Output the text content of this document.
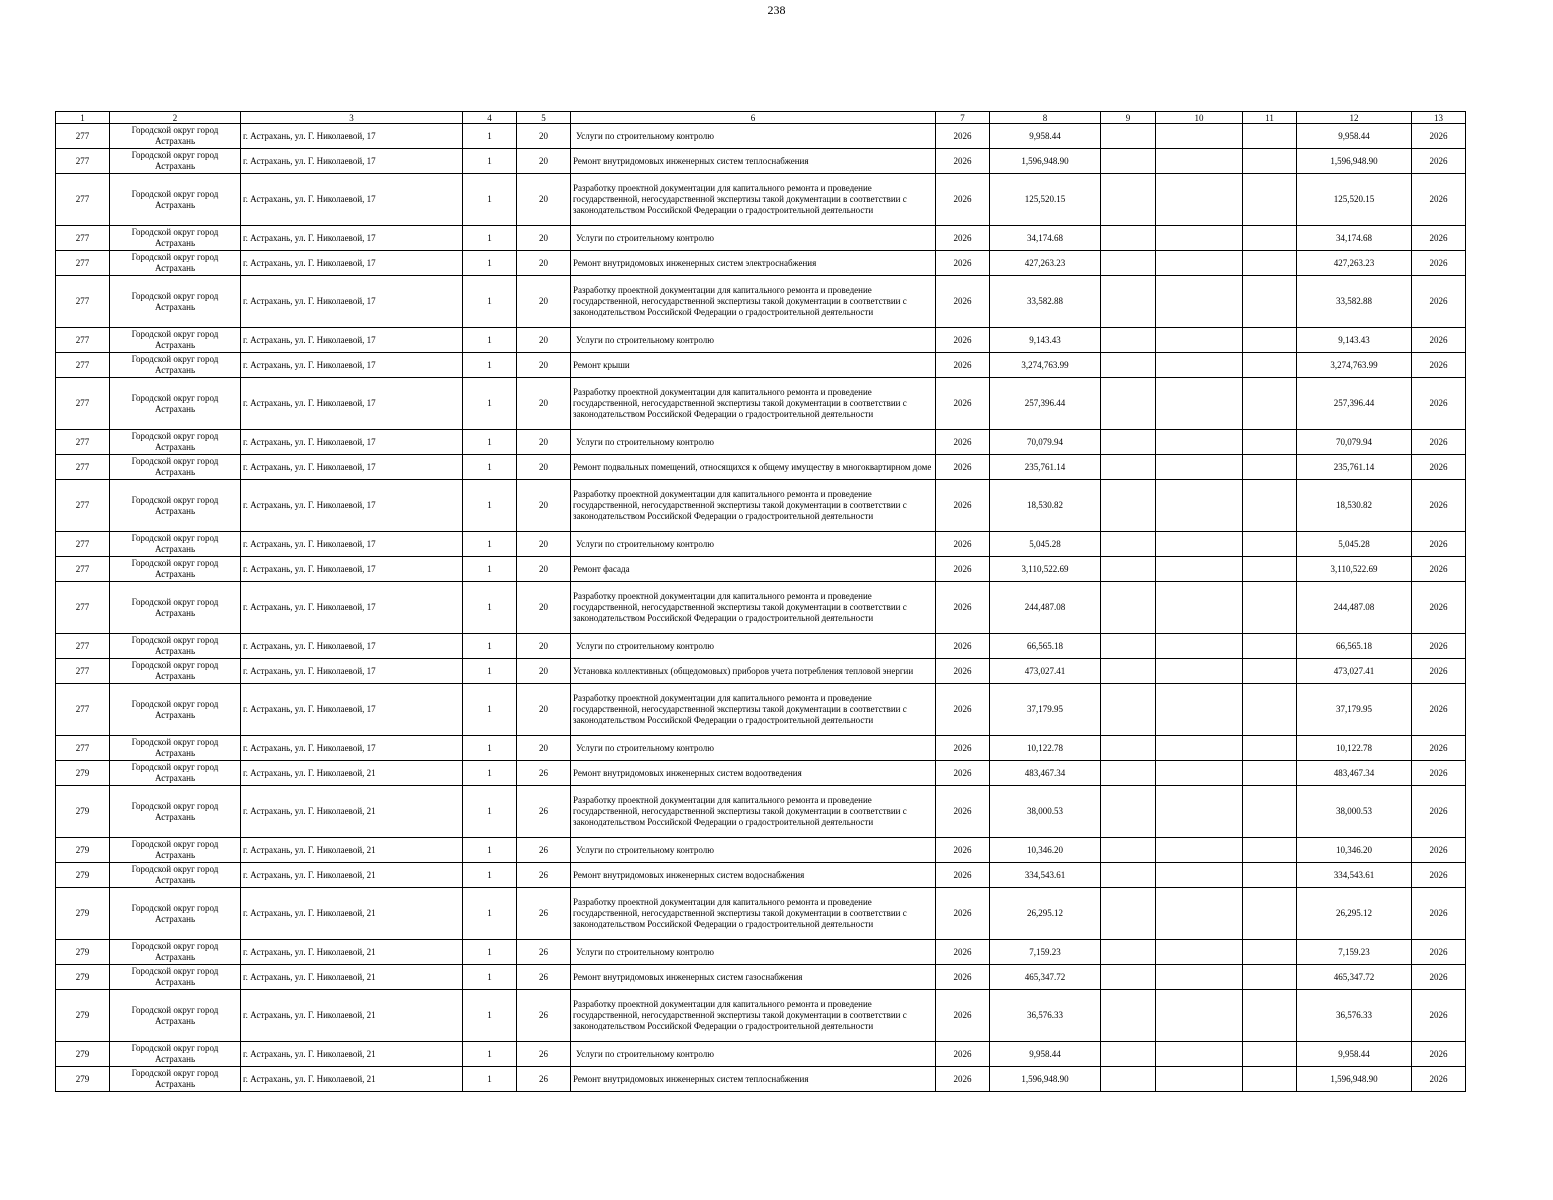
238
1	2	3	4	5	6	7	8	9	10	11	12	13
277	Городской округ город Астрахань	г. Астрахань, ул. Г. Николаевой, 17	1	20	Услуги по строительному контролю	2026	9,958.44				9,958.44	2026
277	Городской округ город Астрахань	г. Астрахань, ул. Г. Николаевой, 17	1	20	Ремонт внутридомовых инженерных систем теплоснабжения	2026	1,596,948.90				1,596,948.90	2026
277	Городской округ город Астрахань	г. Астрахань, ул. Г. Николаевой, 17	1	20	Разработку проектной документации для капитального ремонта и проведение государственной, негосударственной экспертизы такой документации в соответствии с законодательством Российской Федерации о градостроительной деятельности	2026	125,520.15				125,520.15	2026
277	Городской округ город Астрахань	г. Астрахань, ул. Г. Николаевой, 17	1	20	Услуги по строительному контролю	2026	34,174.68				34,174.68	2026
277	Городской округ город Астрахань	г. Астрахань, ул. Г. Николаевой, 17	1	20	Ремонт внутридомовых инженерных систем электроснабжения	2026	427,263.23				427,263.23	2026
277	Городской округ город Астрахань	г. Астрахань, ул. Г. Николаевой, 17	1	20	Разработку проектной документации для капитального ремонта и проведение государственной, негосударственной экспертизы такой документации в соответствии с законодательством Российской Федерации о градостроительной деятельности	2026	33,582.88				33,582.88	2026
277	Городской округ город Астрахань	г. Астрахань, ул. Г. Николаевой, 17	1	20	Услуги по строительному контролю	2026	9,143.43				9,143.43	2026
277	Городской округ город Астрахань	г. Астрахань, ул. Г. Николаевой, 17	1	20	Ремонт крыши	2026	3,274,763.99				3,274,763.99	2026
277	Городской округ город Астрахань	г. Астрахань, ул. Г. Николаевой, 17	1	20	Разработку проектной документации для капитального ремонта и проведение государственной, негосударственной экспертизы такой документации в соответствии с законодательством Российской Федерации о градостроительной деятельности	2026	257,396.44				257,396.44	2026
277	Городской округ город Астрахань	г. Астрахань, ул. Г. Николаевой, 17	1	20	Услуги по строительному контролю	2026	70,079.94				70,079.94	2026
277	Городской округ город Астрахань	г. Астрахань, ул. Г. Николаевой, 17	1	20	Ремонт подвальных помещений, относящихся к общему имуществу в многоквартирном доме	2026	235,761.14				235,761.14	2026
277	Городской округ город Астрахань	г. Астрахань, ул. Г. Николаевой, 17	1	20	Разработку проектной документации для капитального ремонта и проведение государственной, негосударственной экспертизы такой документации в соответствии с законодательством Российской Федерации о градостроительной деятельности	2026	18,530.82				18,530.82	2026
277	Городской округ город Астрахань	г. Астрахань, ул. Г. Николаевой, 17	1	20	Услуги по строительному контролю	2026	5,045.28				5,045.28	2026
277	Городской округ город Астрахань	г. Астрахань, ул. Г. Николаевой, 17	1	20	Ремонт фасада	2026	3,110,522.69				3,110,522.69	2026
277	Городской округ город Астрахань	г. Астрахань, ул. Г. Николаевой, 17	1	20	Разработку проектной документации для капитального ремонта и проведение государственной, негосударственной экспертизы такой документации в соответствии с законодательством Российской Федерации о градостроительной деятельности	2026	244,487.08				244,487.08	2026
277	Городской округ город Астрахань	г. Астрахань, ул. Г. Николаевой, 17	1	20	Услуги по строительному контролю	2026	66,565.18				66,565.18	2026
277	Городской округ город Астрахань	г. Астрахань, ул. Г. Николаевой, 17	1	20	Установка коллективных (общедомовых) приборов учета потребления тепловой энергии	2026	473,027.41				473,027.41	2026
277	Городской округ город Астрахань	г. Астрахань, ул. Г. Николаевой, 17	1	20	Разработку проектной документации для капитального ремонта и проведение государственной, негосударственной экспертизы такой документации в соответствии с законодательством Российской Федерации о градостроительной деятельности	2026	37,179.95				37,179.95	2026
277	Городской округ город Астрахань	г. Астрахань, ул. Г. Николаевой, 17	1	20	Услуги по строительному контролю	2026	10,122.78				10,122.78	2026
279	Городской округ город Астрахань	г. Астрахань, ул. Г. Николаевой, 21	1	26	Ремонт внутридомовых инженерных систем водоотведения	2026	483,467.34				483,467.34	2026
279	Городской округ город Астрахань	г. Астрахань, ул. Г. Николаевой, 21	1	26	Разработку проектной документации для капитального ремонта и проведение государственной, негосударственной экспертизы такой документации в соответствии с законодательством Российской Федерации о градостроительной деятельности	2026	38,000.53				38,000.53	2026
279	Городской округ город Астрахань	г. Астрахань, ул. Г. Николаевой, 21	1	26	Услуги по строительному контролю	2026	10,346.20				10,346.20	2026
279	Городской округ город Астрахань	г. Астрахань, ул. Г. Николаевой, 21	1	26	Ремонт внутридомовых инженерных систем водоснабжения	2026	334,543.61				334,543.61	2026
279	Городской округ город Астрахань	г. Астрахань, ул. Г. Николаевой, 21	1	26	Разработку проектной документации для капитального ремонта и проведение государственной, негосударственной экспертизы такой документации в соответствии с законодательством Российской Федерации о градостроительной деятельности	2026	26,295.12				26,295.12	2026
279	Городской округ город Астрахань	г. Астрахань, ул. Г. Николаевой, 21	1	26	Услуги по строительному контролю	2026	7,159.23				7,159.23	2026
279	Городской округ город Астрахань	г. Астрахань, ул. Г. Николаевой, 21	1	26	Ремонт внутридомовых инженерных систем газоснабжения	2026	465,347.72				465,347.72	2026
279	Городской округ город Астрахань	г. Астрахань, ул. Г. Николаевой, 21	1	26	Разработку проектной документации для капитального ремонта и проведение государственной, негосударственной экспертизы такой документации в соответствии с законодательством Российской Федерации о градостроительной деятельности	2026	36,576.33				36,576.33	2026
279	Городской округ город Астрахань	г. Астрахань, ул. Г. Николаевой, 21	1	26	Услуги по строительному контролю	2026	9,958.44				9,958.44	2026
279	Городской округ город Астрахань	г. Астрахань, ул. Г. Николаевой, 21	1	26	Ремонт внутридомовых инженерных систем теплоснабжения	2026	1,596,948.90				1,596,948.90	2026
